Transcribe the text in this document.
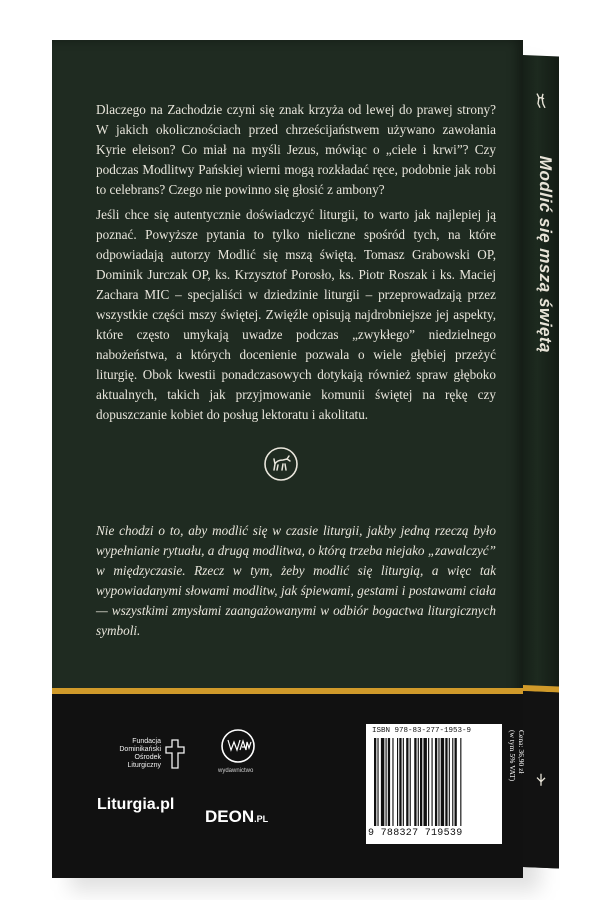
Modlić się mszą świętą
Dlaczego na Zachodzie czyni się znak krzyża od lewej do prawej strony? W jakich okolicznościach przed chrześcijaństwem używano zawołania Kyrie eleison? Co miał na myśli Jezus, mówiąc o „ciele i krwi”? Czy podczas Modlitwy Pańskiej wierni mogą rozkładać ręce, podobnie jak robi to celebrans? Czego nie powinno się głosić z ambony?
Jeśli chce się autentycznie doświadczyć liturgii, to warto jak najlepiej ją poznać. Powyższe pytania to tylko nieliczne spośród tych, na które odpowiadają autorzy Modlić się mszą świętą. Tomasz Grabowski OP, Dominik Jurczak OP, ks. Krzysztof Porosło, ks. Piotr Roszak i ks. Maciej Zachara MIC – specjaliści w dziedzinie liturgii – przeprowadzają przez wszystkie części mszy świętej. Zwięźle opisują najdrobniejsze jej aspekty, które często umykają uwadze podczas „zwykłego” niedzielnego nabożeństwa, a których docenienie pozwala o wiele głębiej przeżyć liturgię. Obok kwestii ponadczasowych dotykają również spraw głęboko aktualnych, takich jak przyjmowanie komunii świętej na rękę czy dopuszczanie kobiet do posług lektoratu i akolitatu.
Nie chodzi o to, aby modlić się w czasie liturgii, jakby jedną rzeczą było wypełnianie rytuału, a drugą modlitwa, o którą trzeba niejako „zawalczyć” w międzyczasie. Rzecz w tym, żeby modlić się liturgią, a więc tak wypowiadanymi słowami modlitw, jak śpiewami, gestami i postawami ciała — wszystkimi zmysłami zaangażowanymi w odbiór bogactwa liturgicznych symboli.
Fundacja Dominikański Ośrodek Liturgiczny
Liturgia.pl
wydawnictwo
DEON.PL
ISBN 978-83-277-1953-9
9 788327 719539
Cena: 36,90 zł
(w tym 5% VAT)
